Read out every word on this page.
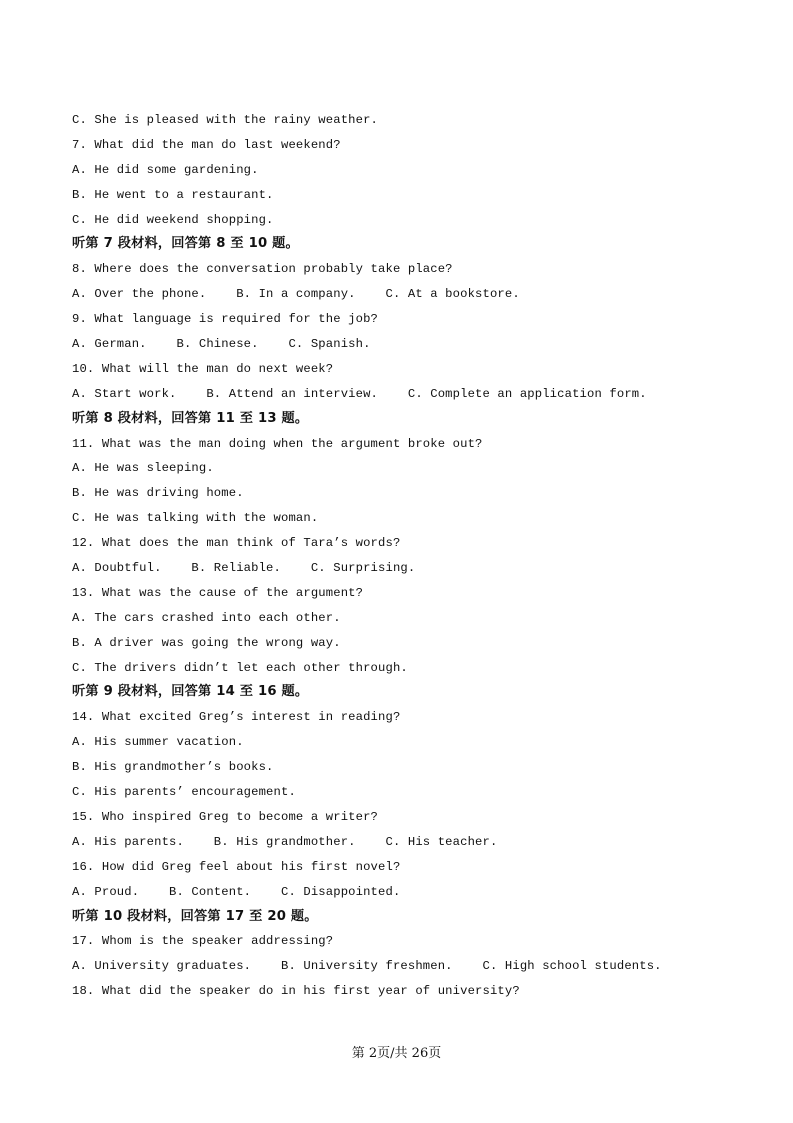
C. She is pleased with the rainy weather.
7. What did the man do last weekend?
A. He did some gardening.
B. He went to a restaurant.
C. He did weekend shopping.
听第 7 段材料，回答第 8 至 10 题。
8. Where does the conversation probably take place?
A. Over the phone.    B. In a company.    C. At a bookstore.
9. What language is required for the job?
A. German.    B. Chinese.    C. Spanish.
10. What will the man do next week?
A. Start work.    B. Attend an interview.    C. Complete an application form.
听第 8 段材料，回答第 11 至 13 题。
11. What was the man doing when the argument broke out?
A. He was sleeping.
B. He was driving home.
C. He was talking with the woman.
12. What does the man think of Tara’s words?
A. Doubtful.    B. Reliable.    C. Surprising.
13. What was the cause of the argument?
A. The cars crashed into each other.
B. A driver was going the wrong way.
C. The drivers didn’t let each other through.
听第 9 段材料，回答第 14 至 16 题。
14. What excited Greg’s interest in reading?
A. His summer vacation.
B. His grandmother’s books.
C. His parents’ encouragement.
15. Who inspired Greg to become a writer?
A. His parents.    B. His grandmother.    C. His teacher.
16. How did Greg feel about his first novel?
A. Proud.    B. Content.    C. Disappointed.
听第 10 段材料，回答第 17 至 20 题。
17. Whom is the speaker addressing?
A. University graduates.    B. University freshmen.    C. High school students.
18. What did the speaker do in his first year of university?
第 2页/共 26页
